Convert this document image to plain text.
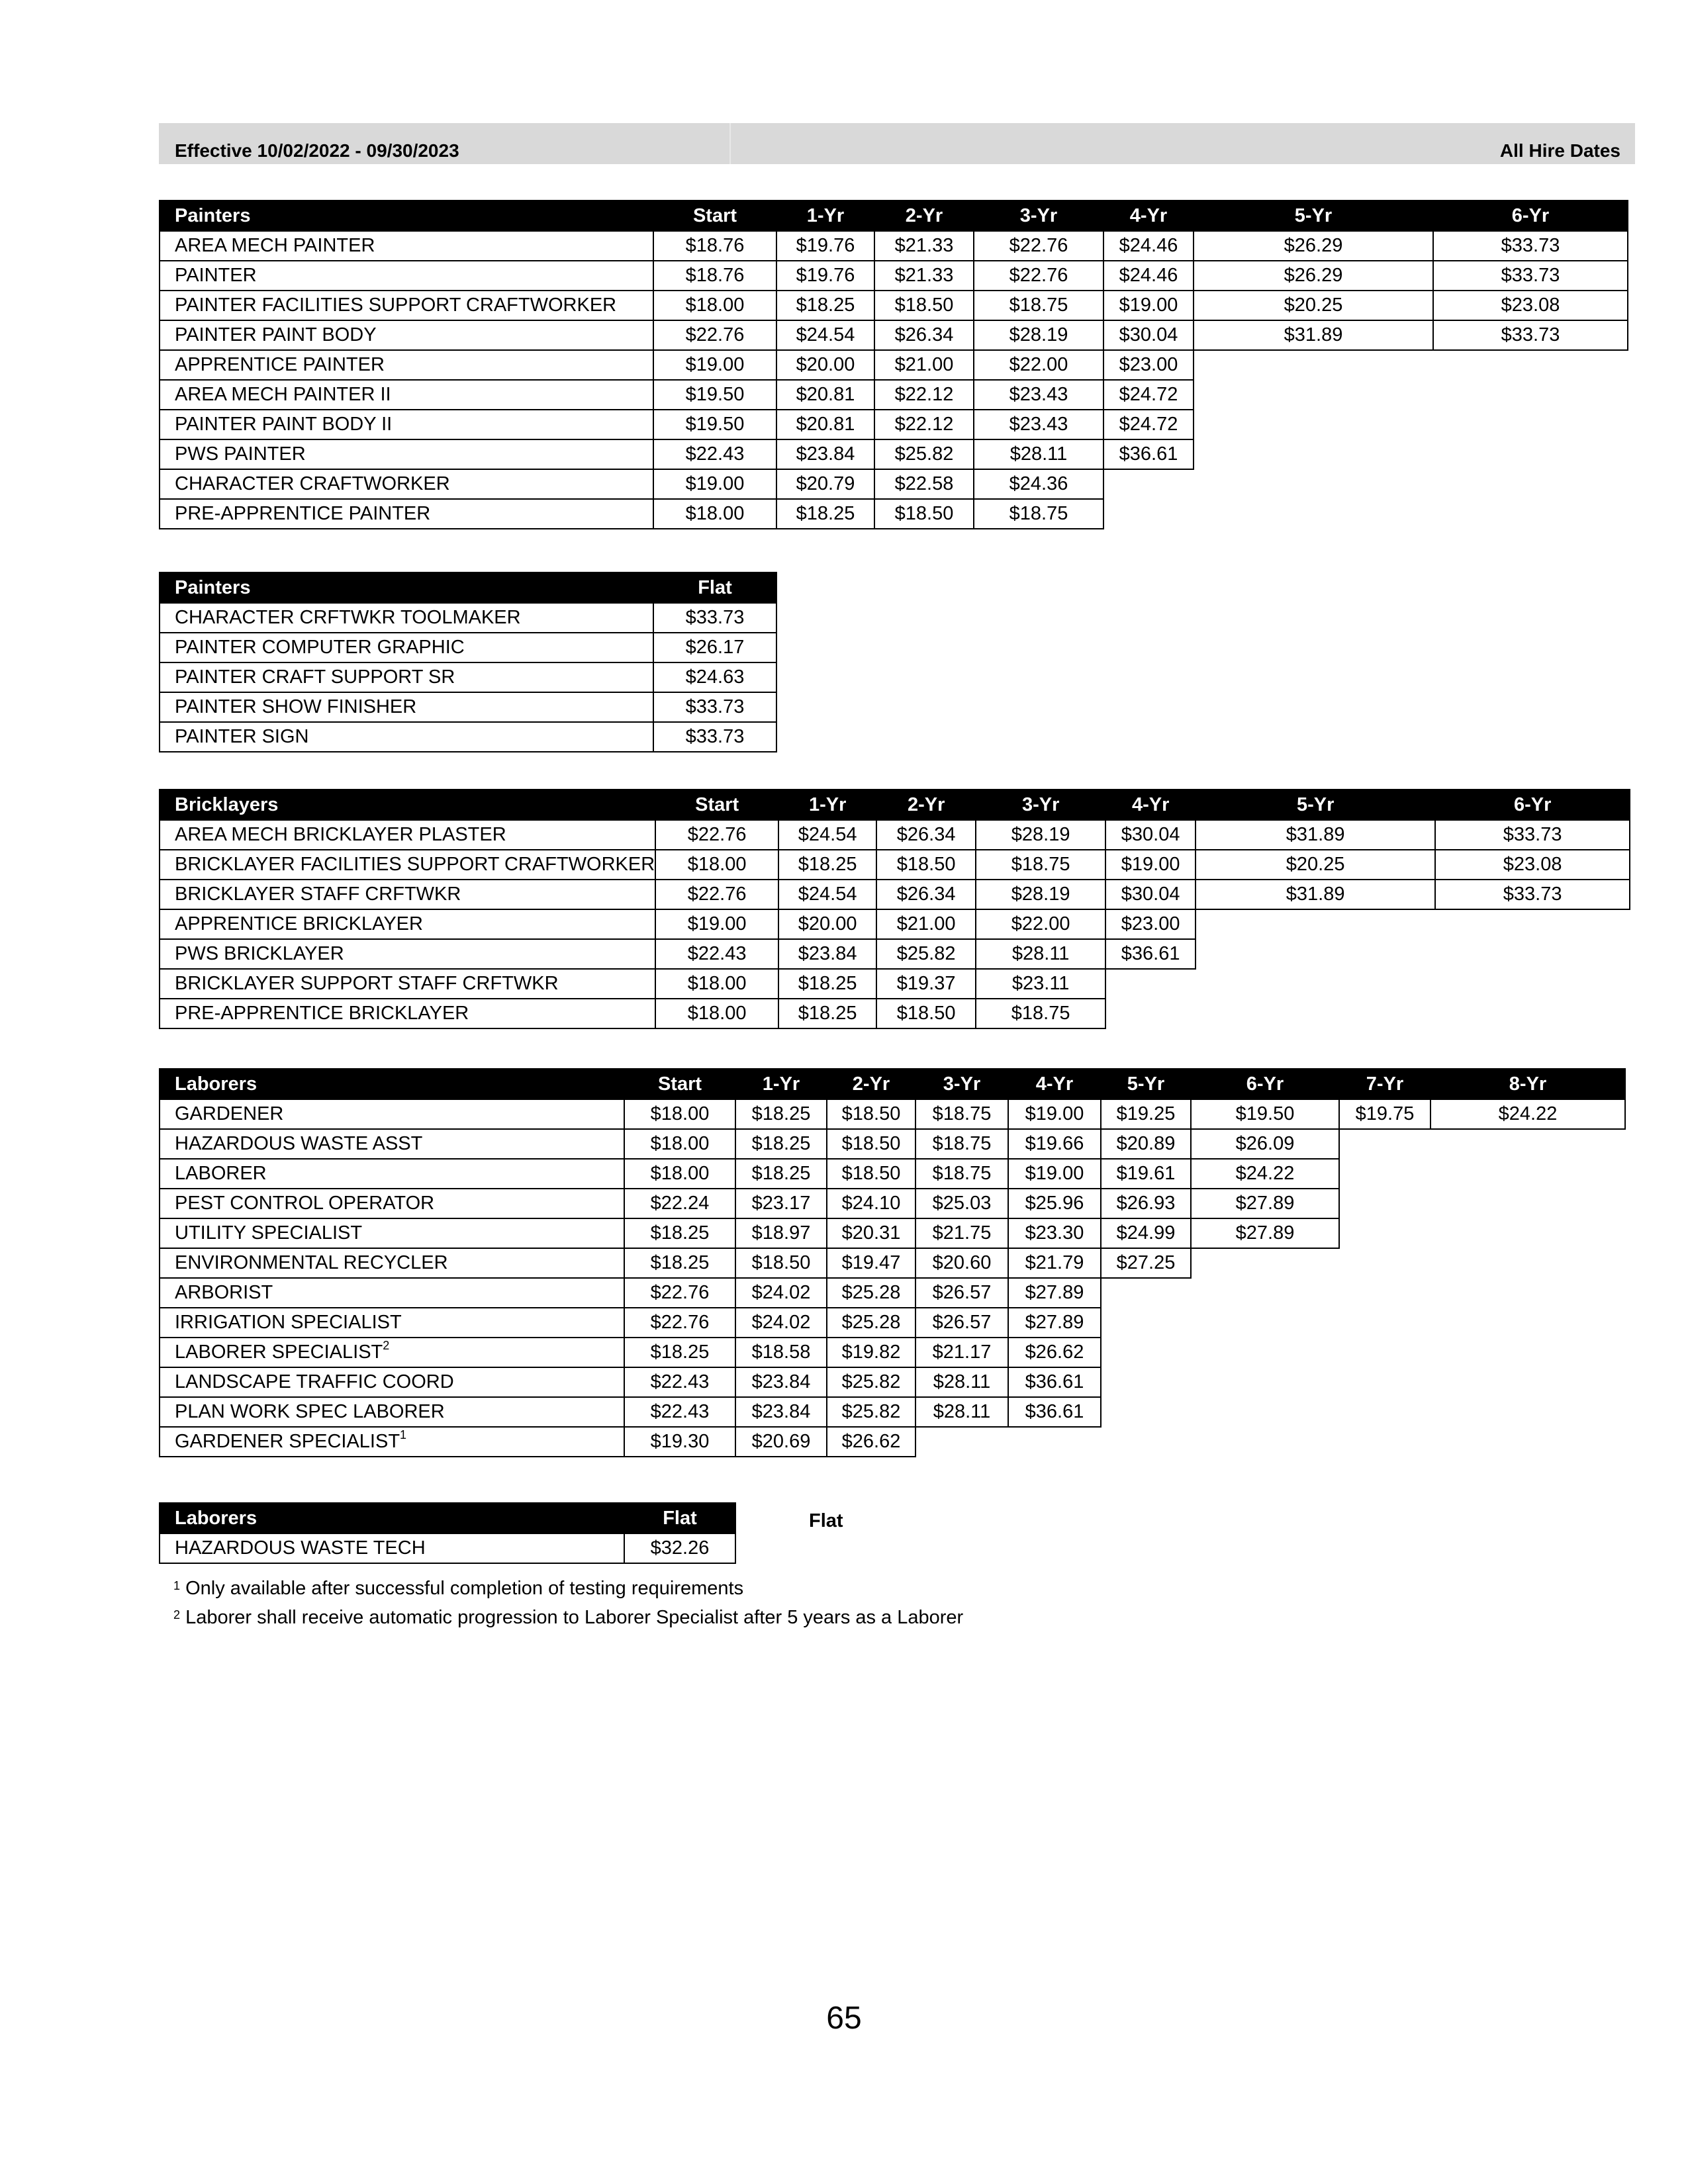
Effective 10/02/2022 - 09/30/2023	All Hire Dates
Painters	Start	1-Yr	2-Yr	3-Yr	4-Yr	5-Yr	6-Yr
AREA MECH PAINTER	$18.76	$19.76	$21.33	$22.76	$24.46	$26.29	$33.73
PAINTER	$18.76	$19.76	$21.33	$22.76	$24.46	$26.29	$33.73
PAINTER FACILITIES SUPPORT CRAFTWORKER	$18.00	$18.25	$18.50	$18.75	$19.00	$20.25	$23.08
PAINTER PAINT BODY	$22.76	$24.54	$26.34	$28.19	$30.04	$31.89	$33.73
APPRENTICE PAINTER	$19.00	$20.00	$21.00	$22.00	$23.00		
AREA MECH PAINTER II	$19.50	$20.81	$22.12	$23.43	$24.72		
PAINTER PAINT BODY II	$19.50	$20.81	$22.12	$23.43	$24.72		
PWS PAINTER	$22.43	$23.84	$25.82	$28.11	$36.61		
CHARACTER CRAFTWORKER	$19.00	$20.79	$22.58	$24.36			
PRE-APPRENTICE PAINTER	$18.00	$18.25	$18.50	$18.75			
Painters	Flat
CHARACTER CRFTWKR TOOLMAKER	$33.73
PAINTER COMPUTER GRAPHIC	$26.17
PAINTER CRAFT SUPPORT SR	$24.63
PAINTER SHOW FINISHER	$33.73
PAINTER SIGN	$33.73
Bricklayers	Start	1-Yr	2-Yr	3-Yr	4-Yr	5-Yr	6-Yr
AREA MECH BRICKLAYER PLASTER	$22.76	$24.54	$26.34	$28.19	$30.04	$31.89	$33.73
BRICKLAYER FACILITIES SUPPORT CRAFTWORKER	$18.00	$18.25	$18.50	$18.75	$19.00	$20.25	$23.08
BRICKLAYER STAFF CRFTWKR	$22.76	$24.54	$26.34	$28.19	$30.04	$31.89	$33.73
APPRENTICE BRICKLAYER	$19.00	$20.00	$21.00	$22.00	$23.00		
PWS BRICKLAYER	$22.43	$23.84	$25.82	$28.11	$36.61		
BRICKLAYER SUPPORT STAFF CRFTWKR	$18.00	$18.25	$19.37	$23.11			
PRE-APPRENTICE BRICKLAYER	$18.00	$18.25	$18.50	$18.75			
Laborers	Start	1-Yr	2-Yr	3-Yr	4-Yr	5-Yr	6-Yr	7-Yr	8-Yr
GARDENER	$18.00	$18.25	$18.50	$18.75	$19.00	$19.25	$19.50	$19.75	$24.22
HAZARDOUS WASTE ASST	$18.00	$18.25	$18.50	$18.75	$19.66	$20.89	$26.09		
LABORER	$18.00	$18.25	$18.50	$18.75	$19.00	$19.61	$24.22		
PEST CONTROL OPERATOR	$22.24	$23.17	$24.10	$25.03	$25.96	$26.93	$27.89		
UTILITY SPECIALIST	$18.25	$18.97	$20.31	$21.75	$23.30	$24.99	$27.89		
ENVIRONMENTAL RECYCLER	$18.25	$18.50	$19.47	$20.60	$21.79	$27.25			
ARBORIST	$22.76	$24.02	$25.28	$26.57	$27.89				
IRRIGATION SPECIALIST	$22.76	$24.02	$25.28	$26.57	$27.89				
LABORER SPECIALIST$^2$	$18.25	$18.58	$19.82	$21.17	$26.62				
LANDSCAPE TRAFFIC COORD	$22.43	$23.84	$25.82	$28.11	$36.61				
PLAN WORK SPEC LABORER	$22.43	$23.84	$25.82	$28.11	$36.61				
GARDENER SPECIALIST$^1$	$19.30	$20.69	$26.62						
Laborers	Flat
HAZARDOUS WASTE TECH	$32.26
Flat
$^1$ Only available after successful completion of testing requirements
$^2$ Laborer shall receive automatic progression to Laborer Specialist after 5 years as a Laborer
65
